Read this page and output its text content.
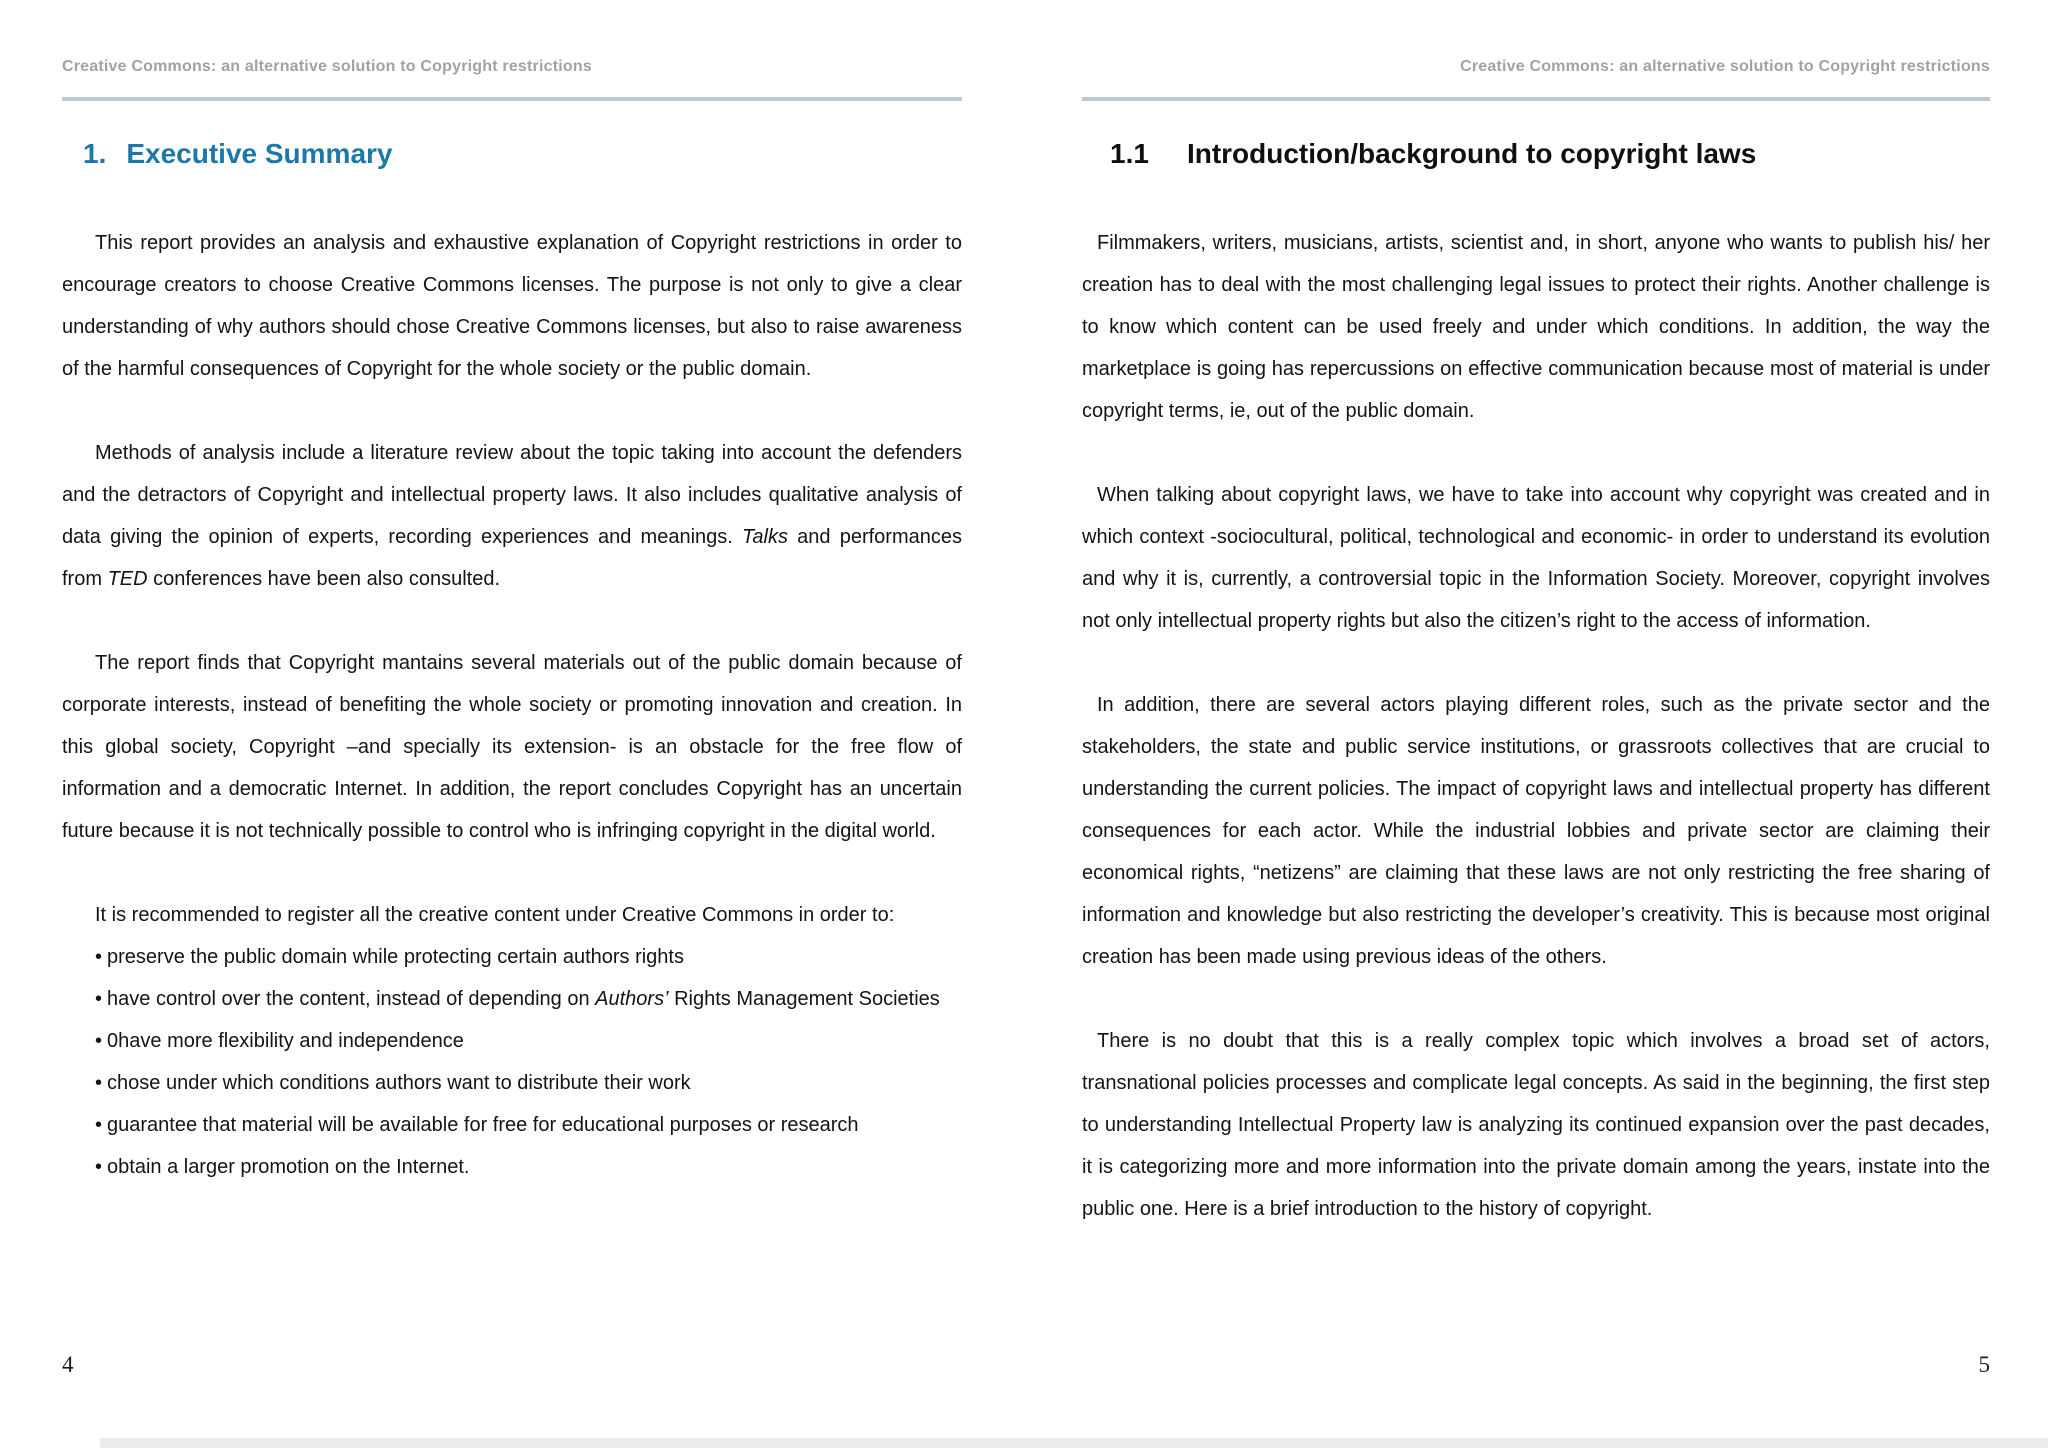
Creative Commons: an alternative solution to Copyright restrictions
1. Executive Summary

This report provides an analysis and exhaustive explanation of Copyright restrictions in order to encourage creators to choose Creative Commons licenses. The purpose is not only to give a clear understanding of why authors should chose Creative Commons licenses, but also to raise awareness of the harmful consequences of Copyright for the whole society or the public domain.

Methods of analysis include a literature review about the topic taking into account the defenders and the detractors of Copyright and intellectual property laws. It also includes qualitative analysis of data giving the opinion of experts, recording experiences and meanings. Talks and performances from TED conferences have been also consulted.

The report finds that Copyright mantains several materials out of the public domain because of corporate interests, instead of benefiting the whole society or promoting innovation and creation. In this global society, Copyright –and specially its extension- is an obstacle for the free flow of information and a democratic Internet. In addition, the report concludes Copyright has an uncertain future because it is not technically possible to control who is infringing copyright in the digital world.

It is recommended to register all the creative content under Creative Commons in order to:

• preserve the public domain while protecting certain authors rights
• have control over the content, instead of depending on Authors’ Rights Management Societies
• 0have more flexibility and independence
• chose under which conditions authors want to distribute their work
• guarantee that material will be available for free for educational purposes or research
• obtain a larger promotion on the Internet.
4
Creative Commons: an alternative solution to Copyright restrictions
1.1 Introduction/background to copyright laws

Filmmakers, writers, musicians, artists, scientist and, in short, anyone who wants to publish his/ her creation has to deal with the most challenging legal issues to protect their rights. Another challenge is to know which content can be used freely and under which conditions. In addition, the way the marketplace is going has repercussions on effective communication because most of material is under copyright terms, ie, out of the public domain.

When talking about copyright laws, we have to take into account why copyright was created and in which context -sociocultural, political, technological and economic- in order to understand its evolution and why it is, currently, a controversial topic in the Information Society. Moreover, copyright involves not only intellectual property rights but also the citizen’s right to the access of information.

In addition, there are several actors playing different roles, such as the private sector and the stakeholders, the state and public service institutions, or grassroots collectives that are crucial to understanding the current policies. The impact of copyright laws and intellectual property has different consequences for each actor. While the industrial lobbies and private sector are claiming their economical rights, “netizens” are claiming that these laws are not only restricting the free sharing of information and knowledge but also restricting the developer’s creativity. This is because most original creation has been made using previous ideas of the others.

There is no doubt that this is a really complex topic which involves a broad set of actors, transnational policies processes and complicate legal concepts. As said in the beginning, the first step to understanding Intellectual Property law is analyzing its continued expansion over the past decades, it is categorizing more and more information into the private domain among the years, instate into the public one. Here is a brief introduction to the history of copyright.

5
